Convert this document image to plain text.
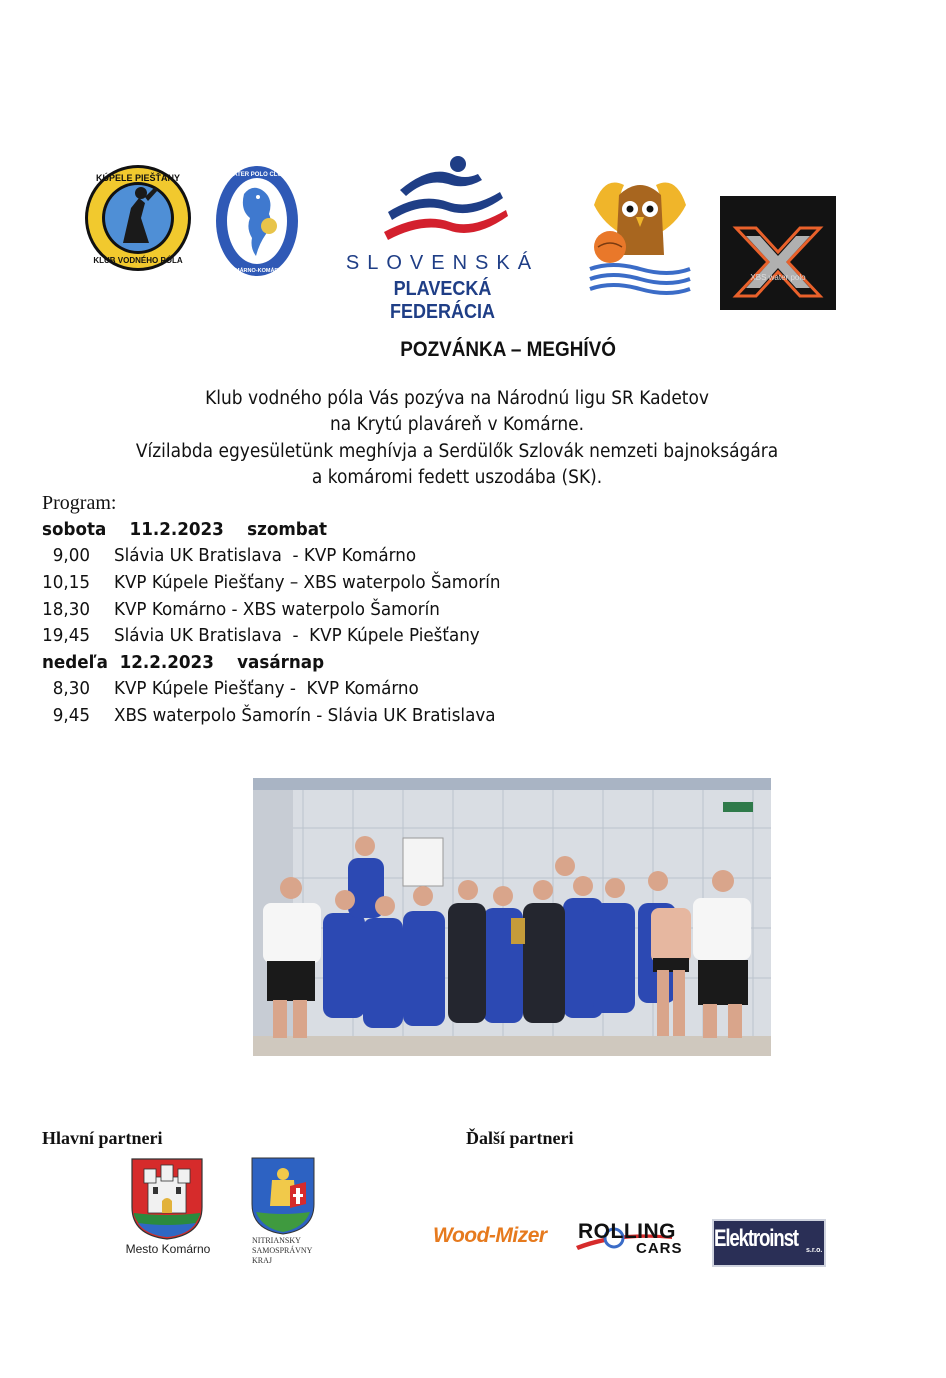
KÚPELE PIEŠŤANY
KLUB VODNÉHO PÓLA
WATER POLO CLUB
KOMÁRNO-KOMÁROM	SLOVENSKÁ
PLAVECKÁ FEDERÁCIA
XBS water polo
POZVÁNKA – MEGHÍVÓ
Klub vodného póla Vás pozýva na Národnú ligu SR Kadetov
na Krytú plaváreň v Komárne.
Vízilabda egyesületünk meghívja a Serdülők Szlovák nemzeti bajnokságára
a komáromi fedett uszodába (SK).
Program:
sobota    11.2.2023    szombat
9,00 Slávia UK Bratislava  - KVP Komárno
10,15 KVP Kúpele Piešťany – XBS waterpolo Šamorín
18,30 KVP Komárno - XBS waterpolo Šamorín
19,45 Slávia UK Bratislava  -  KVP Kúpele Piešťany
nedeľa  12.2.2023    vasárnap
8,30 KVP Kúpele Piešťany -  KVP Komárno
9,45 XBS waterpolo Šamorín - Slávia UK Bratislava
Hlavní partneri	Ďalší partneri
Mesto Komárno
NITRIANSKY
SAMOSPRÁVNY
KRAJ
Wood-Mizer ROLLING
CARS Elektroinst s.r.o.
